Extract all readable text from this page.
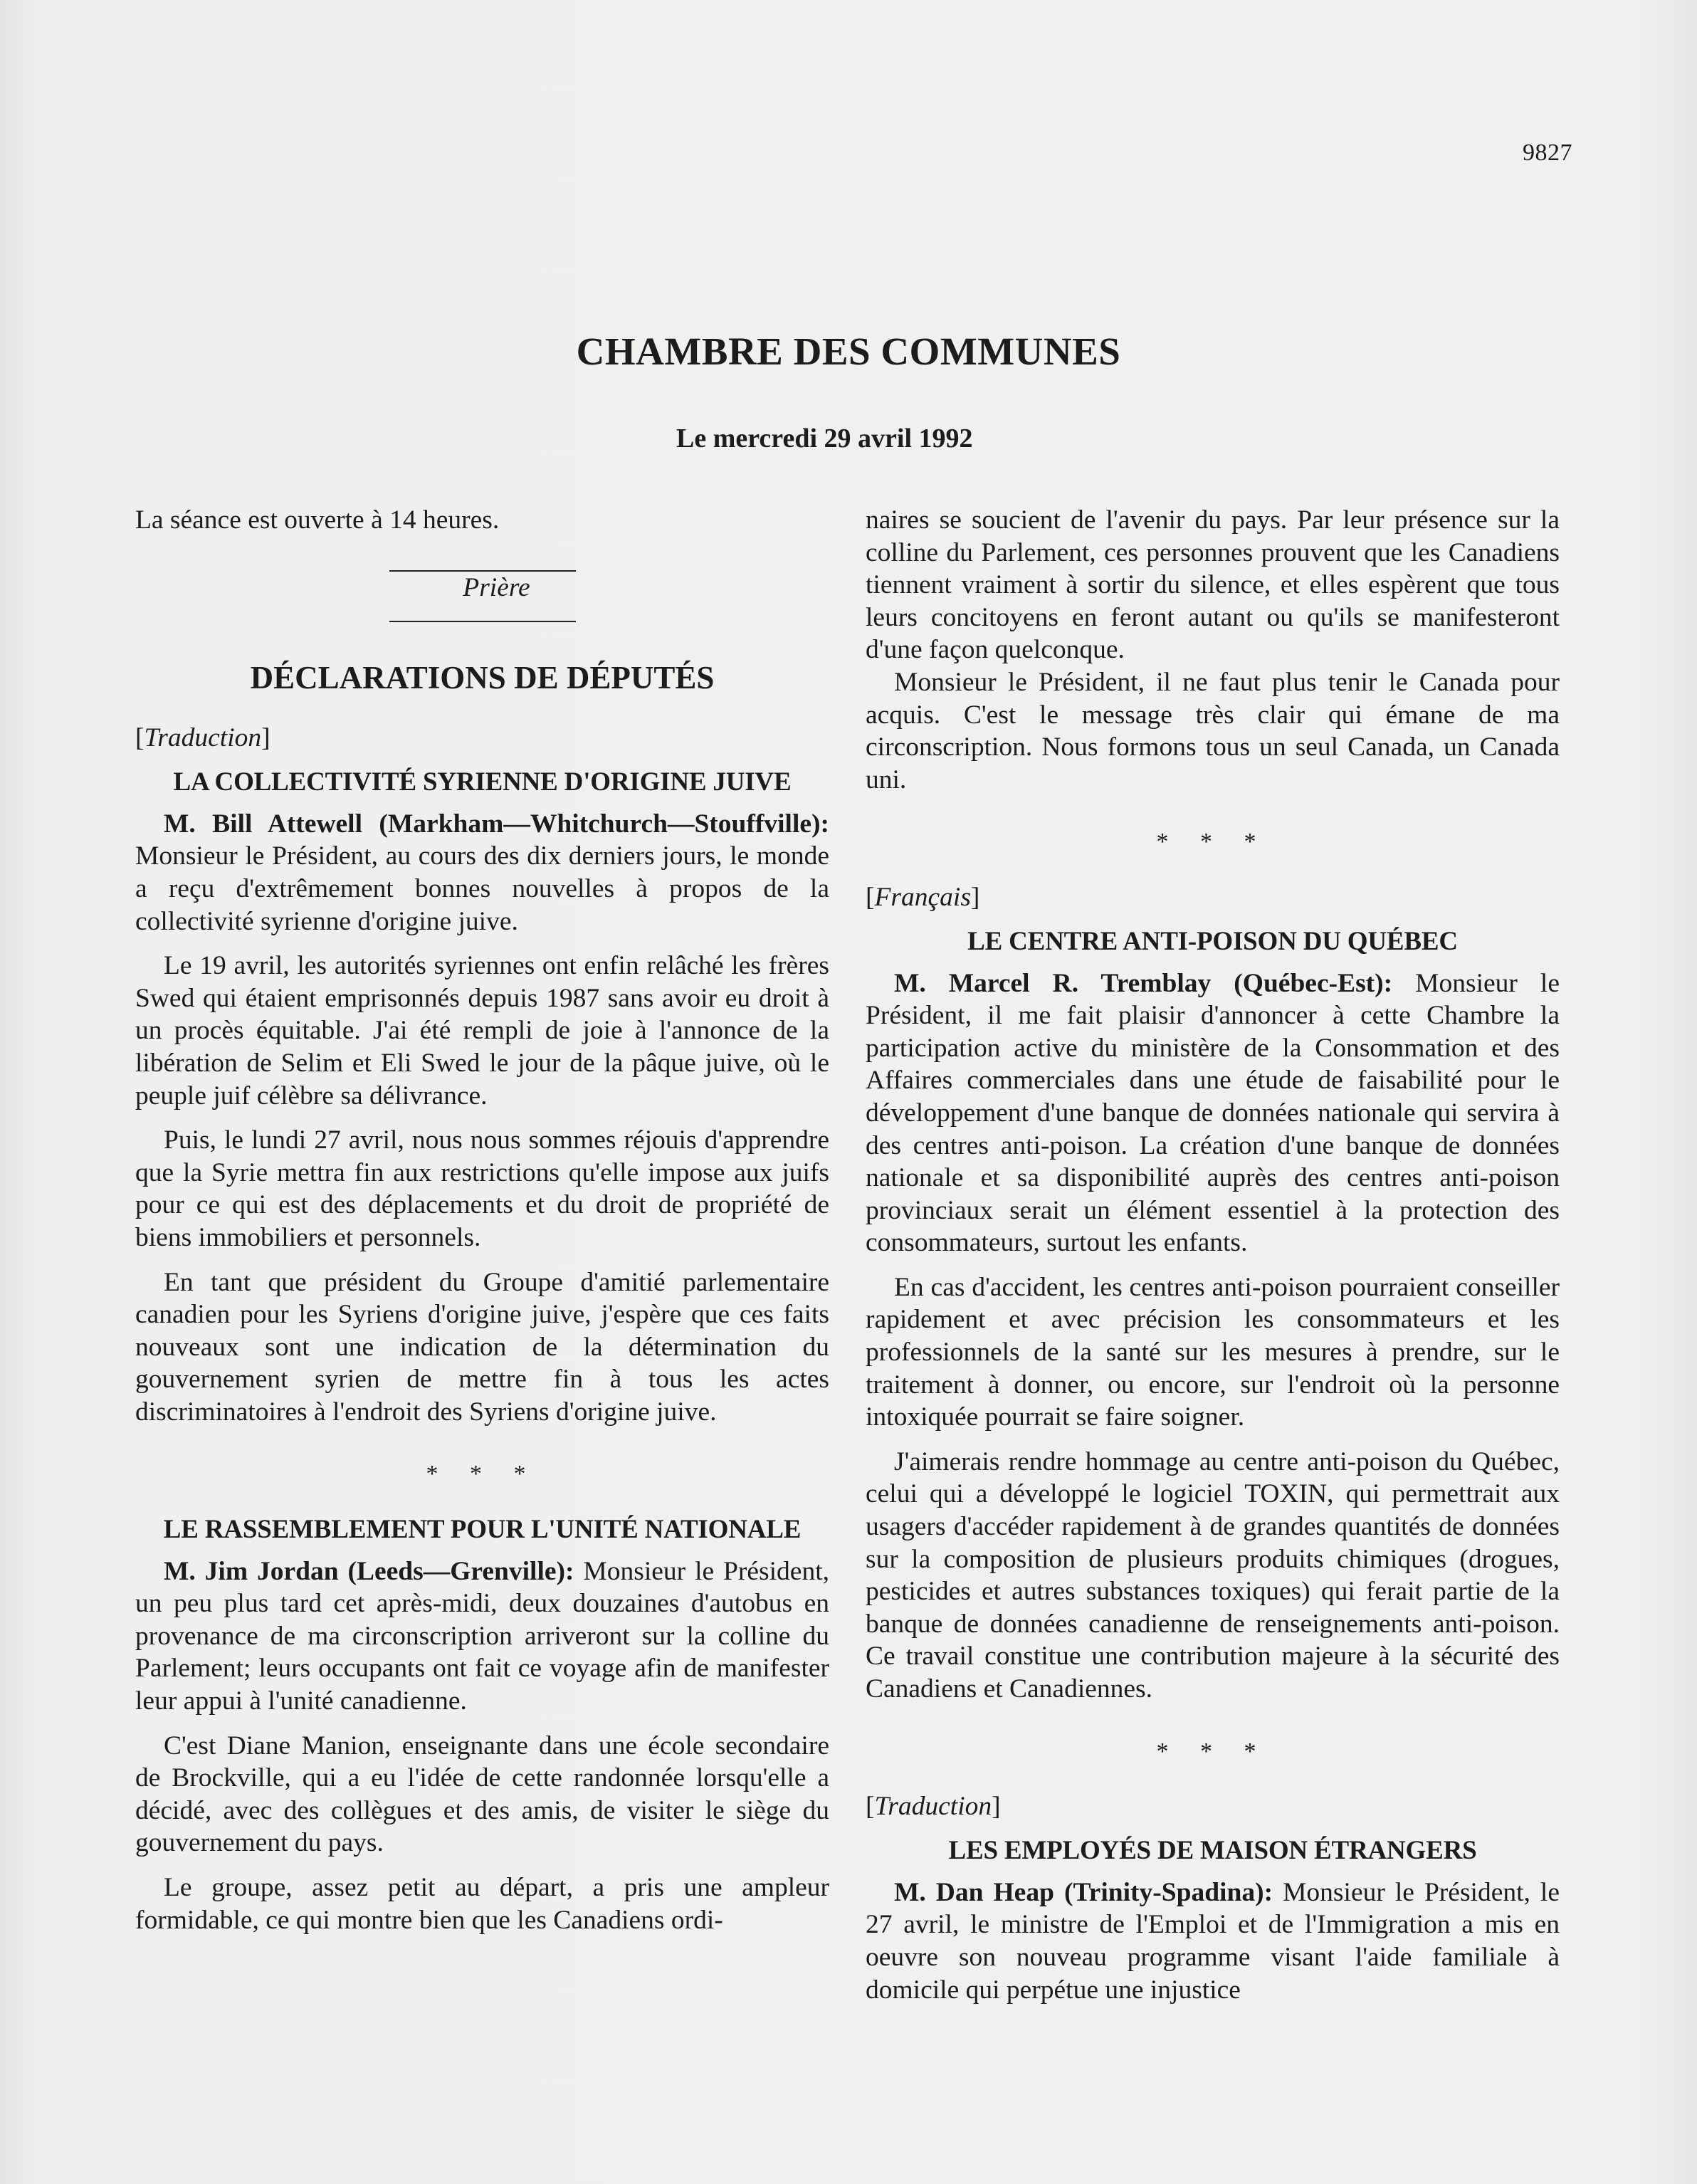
9827
CHAMBRE DES COMMUNES
Le mercredi 29 avril 1992

La séance est ouverte à 14 heures.

Prière

DÉCLARATIONS DE DÉPUTÉS
[Traduction]
LA COLLECTIVITÉ SYRIENNE D'ORIGINE JUIVE

M. Bill Attewell (Markham—Whitchurch—Stouffville): Monsieur le Président, au cours des dix derniers jours, le monde a reçu d'extrêmement bonnes nouvelles à propos de la collectivité syrienne d'origine juive.

Le 19 avril, les autorités syriennes ont enfin relâché les frères Swed qui étaient emprisonnés depuis 1987 sans avoir eu droit à un procès équitable. J'ai été rempli de joie à l'annonce de la libération de Selim et Eli Swed le jour de la pâque juive, où le peuple juif célèbre sa délivrance.

Puis, le lundi 27 avril, nous nous sommes réjouis d'apprendre que la Syrie mettra fin aux restrictions qu'elle impose aux juifs pour ce qui est des déplacements et du droit de propriété de biens immobiliers et personnels.

En tant que président du Groupe d'amitié parlementaire canadien pour les Syriens d'origine juive, j'espère que ces faits nouveaux sont une indication de la détermination du gouvernement syrien de mettre fin à tous les actes discriminatoires à l'endroit des Syriens d'origine juive.

* * *
LE RASSEMBLEMENT POUR L'UNITÉ NATIONALE

M. Jim Jordan (Leeds—Grenville): Monsieur le Président, un peu plus tard cet après-midi, deux douzaines d'autobus en provenance de ma circonscription arriveront sur la colline du Parlement; leurs occupants ont fait ce voyage afin de manifester leur appui à l'unité canadienne.

C'est Diane Manion, enseignante dans une école secondaire de Brockville, qui a eu l'idée de cette randonnée lorsqu'elle a décidé, avec des collègues et des amis, de visiter le siège du gouvernement du pays.

Le groupe, assez petit au départ, a pris une ampleur formidable, ce qui montre bien que les Canadiens ordi-

naires se soucient de l'avenir du pays. Par leur présence sur la colline du Parlement, ces personnes prouvent que les Canadiens tiennent vraiment à sortir du silence, et elles espèrent que tous leurs concitoyens en feront autant ou qu'ils se manifesteront d'une façon quelconque.

Monsieur le Président, il ne faut plus tenir le Canada pour acquis. C'est le message très clair qui émane de ma circonscription. Nous formons tous un seul Canada, un Canada uni.

* * *
[Français]
LE CENTRE ANTI-POISON DU QUÉBEC

M. Marcel R. Tremblay (Québec-Est): Monsieur le Président, il me fait plaisir d'annoncer à cette Chambre la participation active du ministère de la Consommation et des Affaires commerciales dans une étude de faisabilité pour le développement d'une banque de données nationale qui servira à des centres anti-poison. La création d'une banque de données nationale et sa disponibilité auprès des centres anti-poison provinciaux serait un élément essentiel à la protection des consommateurs, surtout les enfants.

En cas d'accident, les centres anti-poison pourraient conseiller rapidement et avec précision les consommateurs et les professionnels de la santé sur les mesures à prendre, sur le traitement à donner, ou encore, sur l'endroit où la personne intoxiquée pourrait se faire soigner.

J'aimerais rendre hommage au centre anti-poison du Québec, celui qui a développé le logiciel TOXIN, qui permettrait aux usagers d'accéder rapidement à de grandes quantités de données sur la composition de plusieurs produits chimiques (drogues, pesticides et autres substances toxiques) qui ferait partie de la banque de données canadienne de renseignements anti-poison. Ce travail constitue une contribution majeure à la sécurité des Canadiens et Canadiennes.

* * *
[Traduction]
LES EMPLOYÉS DE MAISON ÉTRANGERS

M. Dan Heap (Trinity-Spadina): Monsieur le Président, le 27 avril, le ministre de l'Emploi et de l'Immigration a mis en oeuvre son nouveau programme visant l'aide familiale à domicile qui perpétue une injustice
